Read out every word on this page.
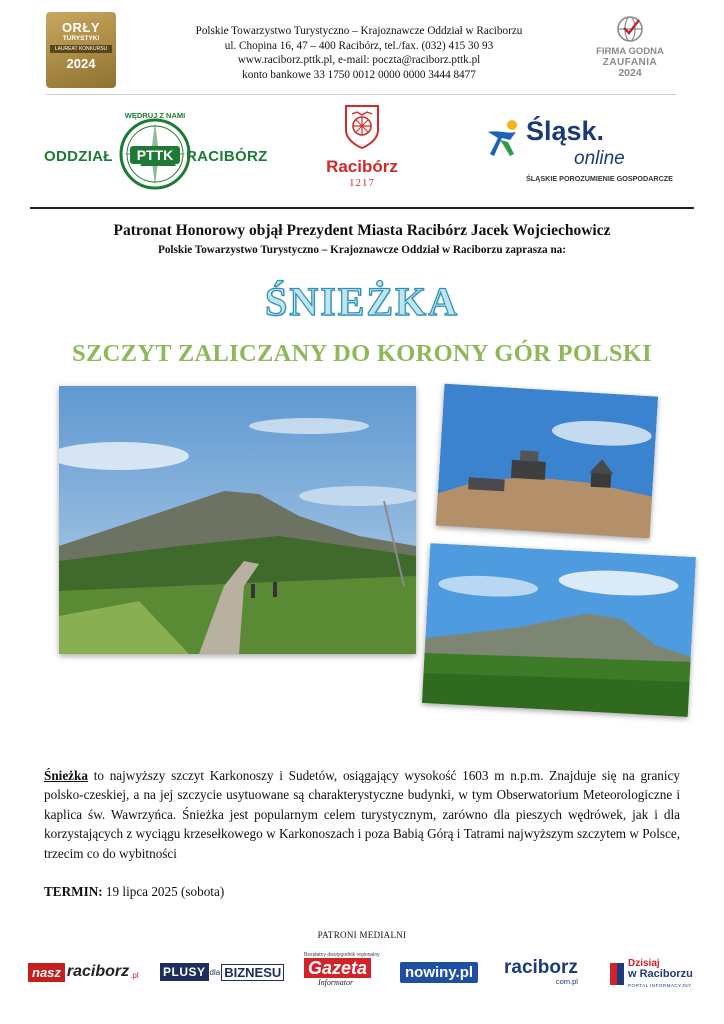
ORŁY
TURYSTYKI
LAUREAT KONKURSU
2024
Polskie Towarzystwo Turystyczno – Krajoznawcze Oddział w Raciborzu
ul. Chopina 16, 47 – 400 Racibórz, tel./fax. (032) 415 30 93
www.raciborz.pttk.pl, e-mail: poczta@raciborz.pttk.pl
konto bankowe 33 1750 0012 0000 0000 3444 8477
FIRMA GODNA
ZAUFANIA
2024
PTTK
WĘDRUJ Z NAMI
ODDZIAŁ	RACIBÓRZ
Racibórz
1217
Śląsk.
online
ŚLĄSKIE POROZUMIENIE GOSPODARCZE
Patronat Honorowy objął Prezydent Miasta Racibórz Jacek Wojciechowicz
Polskie Towarzystwo Turystyczno – Krajoznawcze Oddział w Raciborzu zaprasza na:
ŚNIEŻKA
SZCZYT ZALICZANY DO KORONY GÓR POLSKI
Śnieżka to najwyższy szczyt Karkonoszy i Sudetów, osiągający wysokość 1603 m n.p.m. Znajduje się na granicy polsko-czeskiej, a na jej szczycie usytuowane są charakterystyczne budynki, w tym Obserwatorium Meteorologiczne i kaplica św. Wawrzyńca. Śnieżka jest popularnym celem turystycznym, zarówno dla pieszych wędrówek, jak i dla korzystających z wyciągu krzesełkowego w Karkonoszach i poza Babią Górą i Tatrami najwyższym szczytem w Polsce, trzecim co do wybitności
TERMIN: 19 lipca 2025 (sobota)
PATRONI MEDIALNI
nasz raciborz .pl PLUSY dla BIZNESU
Bezpłatny dwutygodnik regionalny
Gazeta
Informator
nowiny.pl raciborz
com.pl
Dzisiaj
w Raciborzu
PORTAL INFORMACYJNY
